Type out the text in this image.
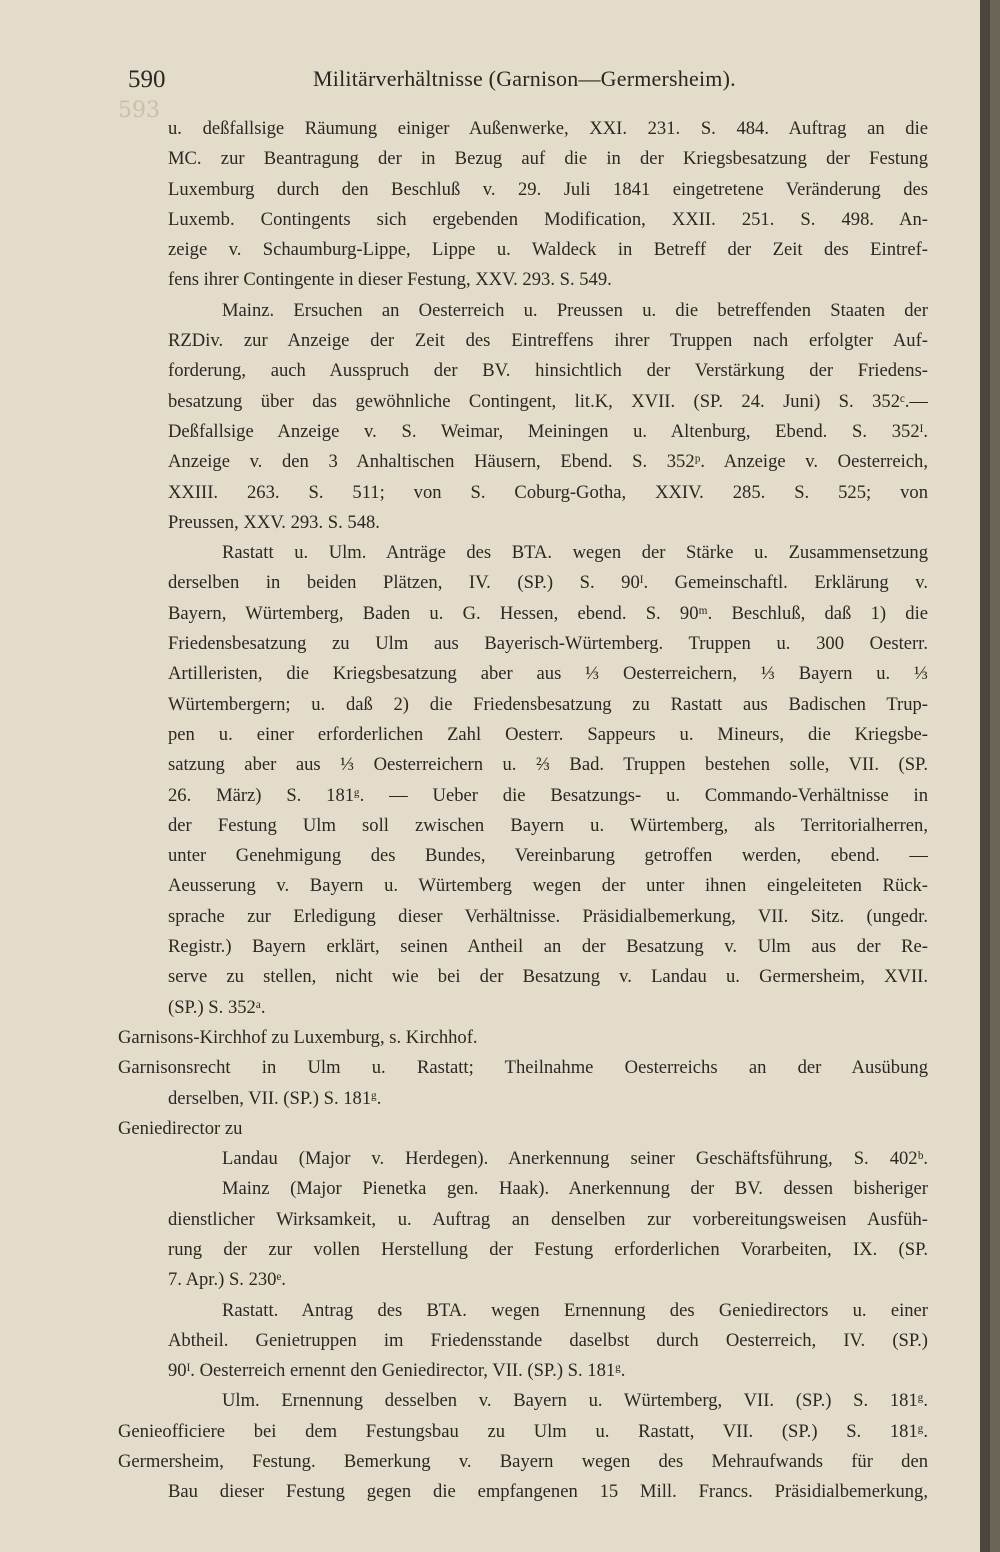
593
590	Militärverhältnisse (Garnison—Germersheim).
u. deßfallsige Räumung einiger Außenwerke, XXI. 231. S. 484. Auftrag an die
MC. zur Beantragung der in Bezug auf die in der Kriegsbesatzung der Festung
Luxemburg durch den Beschluß v. 29. Juli 1841 eingetretene Veränderung des
Luxemb. Contingents sich ergebenden Modification, XXII. 251. S. 498. An-
zeige v. Schaumburg-Lippe, Lippe u. Waldeck in Betreff der Zeit des Eintref-
fens ihrer Contingente in dieser Festung, XXV. 293. S. 549.
Mainz. Ersuchen an Oesterreich u. Preussen u. die betreffenden Staaten der
RZDiv. zur Anzeige der Zeit des Eintreffens ihrer Truppen nach erfolgter Auf-
forderung, auch Ausspruch der BV. hinsichtlich der Verstärkung der Friedens-
besatzung über das gewöhnliche Contingent, lit.K, XVII. (SP. 24. Juni) S. 352ᶜ.—
Deßfallsige Anzeige v. S. Weimar, Meiningen u. Altenburg, Ebend. S. 352ᴵ.
Anzeige v. den 3 Anhaltischen Häusern, Ebend. S. 352ᵖ. Anzeige v. Oesterreich,
XXIII. 263. S. 511; von S. Coburg-Gotha, XXIV. 285. S. 525; von
Preussen, XXV. 293. S. 548.
Rastatt u. Ulm. Anträge des BTA. wegen der Stärke u. Zusammensetzung
derselben in beiden Plätzen, IV. (SP.) S. 90ᴵ. Gemeinschaftl. Erklärung v.
Bayern, Würtemberg, Baden u. G. Hessen, ebend. S. 90ᵐ. Beschluß, daß 1) die
Friedensbesatzung zu Ulm aus Bayerisch-Würtemberg. Truppen u. 300 Oesterr.
Artilleristen, die Kriegsbesatzung aber aus ⅓ Oesterreichern, ⅓ Bayern u. ⅓
Würtembergern; u. daß 2) die Friedensbesatzung zu Rastatt aus Badischen Trup-
pen u. einer erforderlichen Zahl Oesterr. Sappeurs u. Mineurs, die Kriegsbe-
satzung aber aus ⅓ Oesterreichern u. ⅔ Bad. Truppen bestehen solle, VII. (SP.
26. März) S. 181ᵍ. — Ueber die Besatzungs- u. Commando-Verhältnisse in
der Festung Ulm soll zwischen Bayern u. Würtemberg, als Territorialherren,
unter Genehmigung des Bundes, Vereinbarung getroffen werden, ebend. —
Aeusserung v. Bayern u. Würtemberg wegen der unter ihnen eingeleiteten Rück-
sprache zur Erledigung dieser Verhältnisse. Präsidialbemerkung, VII. Sitz. (ungedr.
Registr.) Bayern erklärt, seinen Antheil an der Besatzung v. Ulm aus der Re-
serve zu stellen, nicht wie bei der Besatzung v. Landau u. Germersheim, XVII.
(SP.) S. 352ᵃ.
Garnisons-Kirchhof zu Luxemburg, s. Kirchhof.
Garnisonsrecht in Ulm u. Rastatt; Theilnahme Oesterreichs an der Ausübung
derselben, VII. (SP.) S. 181ᵍ.
Geniedirector zu
Landau (Major v. Herdegen). Anerkennung seiner Geschäftsführung, S. 402ᵇ.
Mainz (Major Pienetka gen. Haak). Anerkennung der BV. dessen bisheriger
dienstlicher Wirksamkeit, u. Auftrag an denselben zur vorbereitungsweisen Ausfüh-
rung der zur vollen Herstellung der Festung erforderlichen Vorarbeiten, IX. (SP.
7. Apr.) S. 230ᵉ.
Rastatt. Antrag des BTA. wegen Ernennung des Geniedirectors u. einer
Abtheil. Genietruppen im Friedensstande daselbst durch Oesterreich, IV. (SP.)
90ᴵ. Oesterreich ernennt den Geniedirector, VII. (SP.) S. 181ᵍ.
Ulm. Ernennung desselben v. Bayern u. Würtemberg, VII. (SP.) S. 181ᵍ.
Genieofficiere bei dem Festungsbau zu Ulm u. Rastatt, VII. (SP.) S. 181ᵍ.
Germersheim, Festung. Bemerkung v. Bayern wegen des Mehraufwands für den
Bau dieser Festung gegen die empfangenen 15 Mill. Francs. Präsidialbemerkung,
